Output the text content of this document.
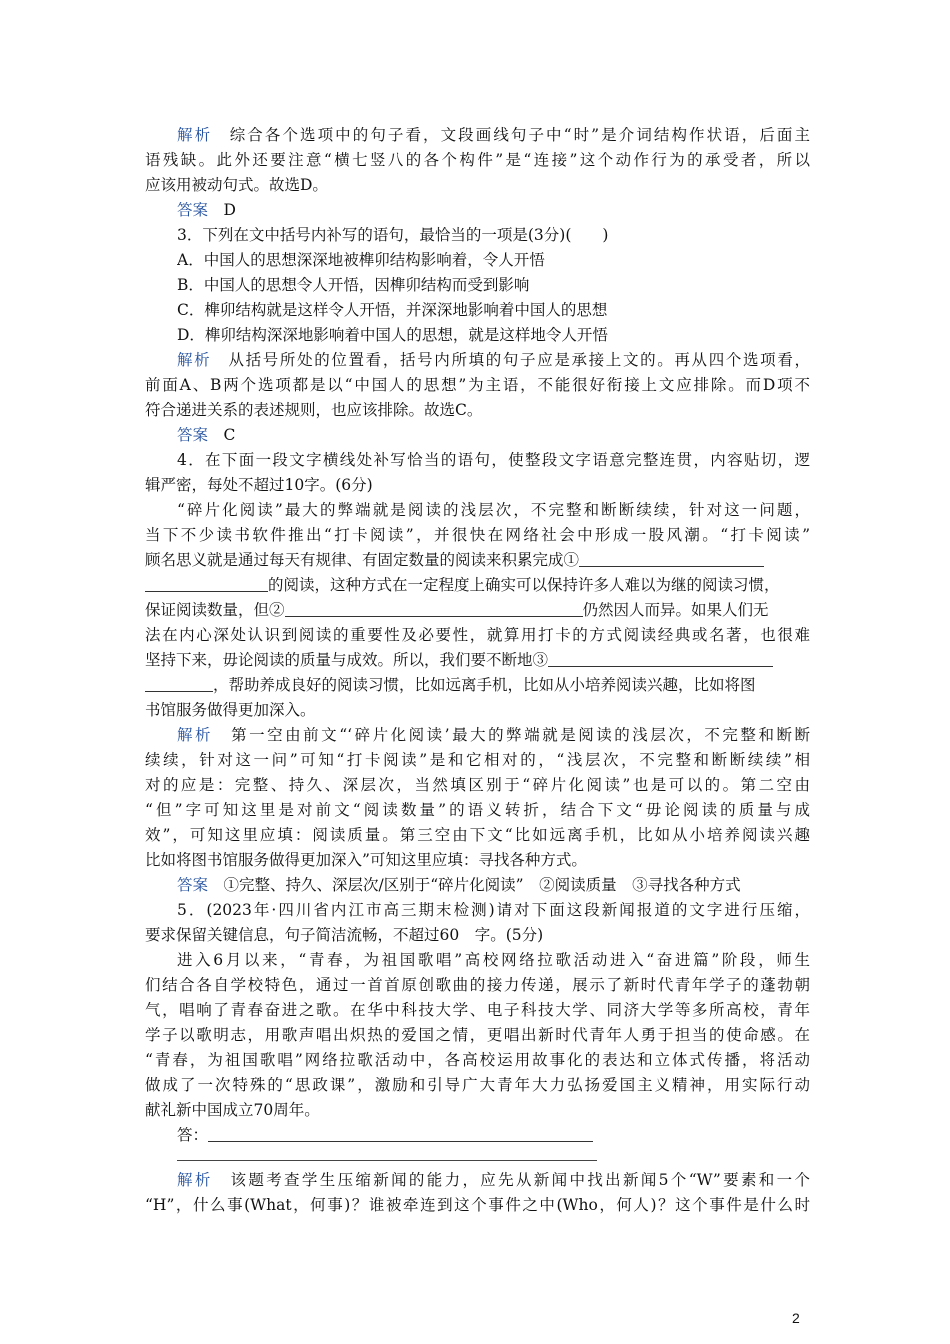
解析　 综合各个选项中的句子看，文段画线句子中“时”是介词结构作状语，后面主
语残缺。此外还要注意“横七竖八的各个构件”是“连接”这个动作行为的承受者，所以
应该用被动句式。故选D。
答案　 D
3．下列在文中括号内补写的语句，最恰当的一项是(3分)(　　)
A．中国人的思想深深地被榫卯结构影响着，令人开悟
B．中国人的思想令人开悟，因榫卯结构而受到影响
C．榫卯结构就是这样令人开悟，并深深地影响着中国人的思想
D．榫卯结构深深地影响着中国人的思想，就是这样地令人开悟
解析　 从括号所处的位置看，括号内所填的句子应是承接上文的。再从四个选项看，
前面A、B两个选项都是以“中国人的思想”为主语，不能很好衔接上文应排除。而D项不
符合递进关系的表述规则，也应该排除。故选C。
答案　 C
4．在下面一段文字横线处补写恰当的语句，使整段文字语意完整连贯，内容贴切，逻
辑严密，每处不超过10字。(6分)
“碎片化阅读”最大的弊端就是阅读的浅层次，不完整和断断续续，针对这一问题，
当下不少读书软件推出“打卡阅读”，并很快在网络社会中形成一股风潮。“打卡阅读”
顾名思义就是通过每天有规律、有固定数量的阅读来积累完成①
的阅读，这种方式在一定程度上确实可以保持许多人难以为继的阅读习惯，
保证阅读数量，但②	仍然因人而异。如果人们无
法在内心深处认识到阅读的重要性及必要性，就算用打卡的方式阅读经典或名著，也很难
坚持下来，毋论阅读的质量与成效。所以，我们要不断地③
，帮助养成良好的阅读习惯，比如远离手机，比如从小培养阅读兴趣，比如将图
书馆服务做得更加深入。
解析　 第一空由前文“‘碎片化阅读’最大的弊端就是阅读的浅层次，不完整和断断
续续，针对这一问”可知“打卡阅读”是和它相对的，“浅层次，不完整和断断续续”相
对的应是：完整、持久、深层次，当然填区别于“碎片化阅读”也是可以的。第二空由
“但”字可知这里是对前文“阅读数量”的语义转折，结合下文“毋论阅读的质量与成
效”，可知这里应填：阅读质量。第三空由下文“比如远离手机，比如从小培养阅读兴趣
比如将图书馆服务做得更加深入”可知这里应填：寻找各种方式。
答案　 ①完整、持久、深层次/区别于“碎片化阅读”　②阅读质量　③寻找各种方式
5．(2023年·四川省内江市高三期末检测)请对下面这段新闻报道的文字进行压缩，
要求保留关键信息，句子简洁流畅，不超过60　字。(5分)
进入6月以来，“青春，为祖国歌唱”高校网络拉歌活动进入“奋进篇”阶段，师生
们结合各自学校特色，通过一首首原创歌曲的接力传递，展示了新时代青年学子的蓬勃朝
气，唱响了青春奋进之歌。在华中科技大学、电子科技大学、同济大学等多所高校，青年
学子以歌明志，用歌声唱出炽热的爱国之情，更唱出新时代青年人勇于担当的使命感。在
“青春，为祖国歌唱”网络拉歌活动中，各高校运用故事化的表达和立体式传播，将活动
做成了一次特殊的“思政课”，激励和引导广大青年大力弘扬爱国主义精神，用实际行动
献礼新中国成立70周年。
答：
解析　 该题考查学生压缩新闻的能力，应先从新闻中找出新闻5个“W”要素和一个
“H”，什么事(What，何事)？谁被牵连到这个事件之中(Who，何人)？这个事件是什么时
2
